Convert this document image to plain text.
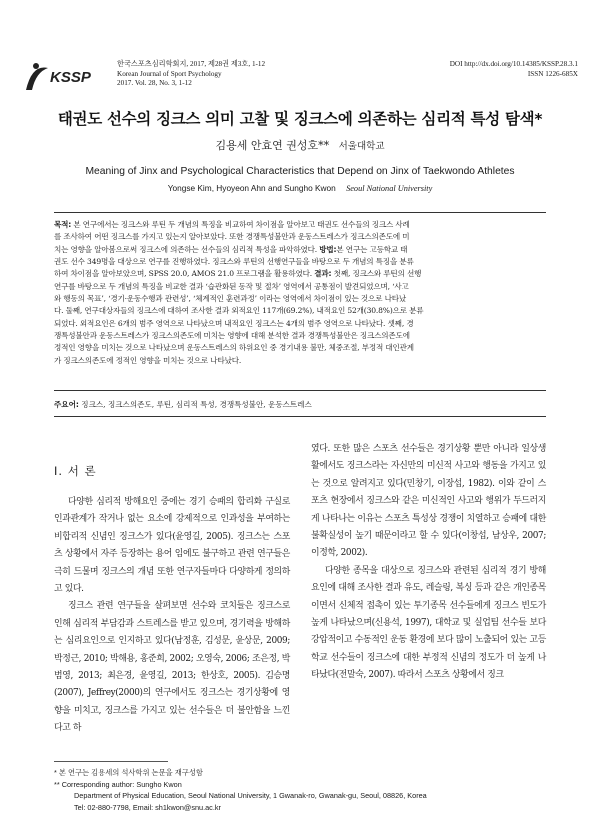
KSSP
한국스포츠심리학회지, 2017, 제28권 제3호, 1-12
Korean Journal of Sport Psychology
2017. Vol. 28, No. 3, 1-12
DOI http://dx.doi.org/10.14385/KSSP.28.3.1
ISSN 1226-685X
태권도 선수의 징크스 의미 고찰 및 징크스에 의존하는 심리적 특성 탐색*
김용세 안효연 권성호** 서울대학교
Meaning of Jinx and Psychological Characteristics that Depend on Jinx of Taekwondo Athletes
Yongse Kim, Hyoyeon Ahn and Sungho Kwon Seoul National University
목적: 본 연구에서는 징크스와 루틴 두 개념의 특징을 비교하여 차이점을 알아보고 태권도 선수들의 징크스 사례
를 조사하여 어떤 징크스를 가지고 있는지 알아보았다. 또한 경쟁특성불안과 운동스트레스가 징크스의존도에 미
치는 영향을 알아봄으로써 징크스에 의존하는 선수들의 심리적 특성을 파악하였다. 방법:본 연구는 고등학교 태
권도 선수 349명을 대상으로 연구를 진행하였다. 징크스와 루틴의 선행연구들을 바탕으로 두 개념의 특징을 분류
하여 차이점을 알아보았으며, SPSS 20.0, AMOS 21.0 프로그램을 활용하였다. 결과: 첫째, 징크스와 루틴의 선행
연구를 바탕으로 두 개념의 특징을 비교한 결과 ‘습관화된 동작 및 절차’ 영역에서 공통점이 발견되었으며, ‘사고
와 행동의 목표’, ‘경기·운동수행과 관련성’, ‘체계적인 훈련과정’ 이라는 영역에서 차이점이 있는 것으로 나타났
다. 둘째, 연구대상자들의 징크스에 대하여 조사한 결과 외적요인 117개(69.2%), 내적요인 52개(30.8%)으로 분류
되었다. 외적요인은 6개의 범주 영역으로 나타났으며 내적요인 징크스는 4개의 범주 영역으로 나타났다. 셋째, 경
쟁특성불안과 운동스트레스가 징크스의존도에 미치는 영향에 대해 분석한 결과 경쟁특성불안은 징크스의존도에
정적인 영향을 미치는 것으로 나타났으며 운동스트레스의 하위요인 중 경기내용 불만, 체중조절, 부정적 대인관계
가 징크스의존도에 정적인 영향을 미치는 것으로 나타났다.
주요어: 징크스, 징크스의존도, 루틴, 심리적 특성, 경쟁특성불안, 운동스트레스
I. 서 론

다양한 심리적 방해요인 중에는 경기 승패의 합리화 구실로 인과관계가 작거나 없는 요소에 강제적으로 인과성을 부여하는 비합리적 신념인 징크스가 있다(윤영길, 2005). 징크스는 스포츠 상황에서 자주 등장하는 용어 임에도 불구하고 관련 연구들은 극히 드물며 징크스의 개념 또한 연구자들마다 다양하게 정의하고 있다.

징크스 관련 연구들을 살펴보면 선수와 코치들은 징크스로 인해 심리적 부담감과 스트레스를 받고 있으며, 경기력을 방해하는 심리요인으로 인지하고 있다(남정훈, 김성문, 윤상문, 2009; 박정근, 2010; 박해용, 홍준희, 2002; 오영숙, 2006; 조은정, 박범영, 2013; 최은경, 윤영길, 2013; 한상호, 2005). 김승명(2007), Jeffrey(2000)의 연구에서도 징크스는 경기상황에 영향을 미치고, 징크스를 가지고 있는 선수들은 더 불안함을 느낀다고 하

였다. 또한 많은 스포츠 선수들은 경기상황 뿐만 아니라 일상생활에서도 징크스라는 자신만의 미신적 사고와 행동을 가지고 있는 것으로 알려지고 있다(민창기, 이장섭, 1982). 이와 같이 스포츠 현장에서 징크스와 같은 미신적인 사고와 행위가 두드러지게 나타나는 이유는 스포츠 특성상 경쟁이 치열하고 승패에 대한 불확실성이 높기 때문이라고 할 수 있다(이창섭, 남상우, 2007; 이정학, 2002).

다양한 종목을 대상으로 징크스와 관련된 심리적 경기 방해요인에 대해 조사한 결과 유도, 레슬링, 복싱 등과 같은 개인종목 이면서 신체적 접촉이 있는 투기종목 선수들에게 징크스 빈도가 높게 나타났으며(신용석, 1997), 대학교 및 실업팀 선수들 보다 강압적이고 수동적인 운동 환경에 보다 많이 노출되어 있는 고등학교 선수들이 징크스에 대한 부정적 신념의 정도가 더 높게 나타났다(전말숙, 2007). 따라서 스포츠 상황에서 징크

* 본 연구는 김용세의 석사학위 논문을 재구성함
** Corresponding author: Sungho Kwon
Department of Physical Education, Seoul National University, 1 Gwanak-ro, Gwanak-gu, Seoul, 08826, Korea
Tel: 02-880-7798, Email: sh1kwon@snu.ac.kr
